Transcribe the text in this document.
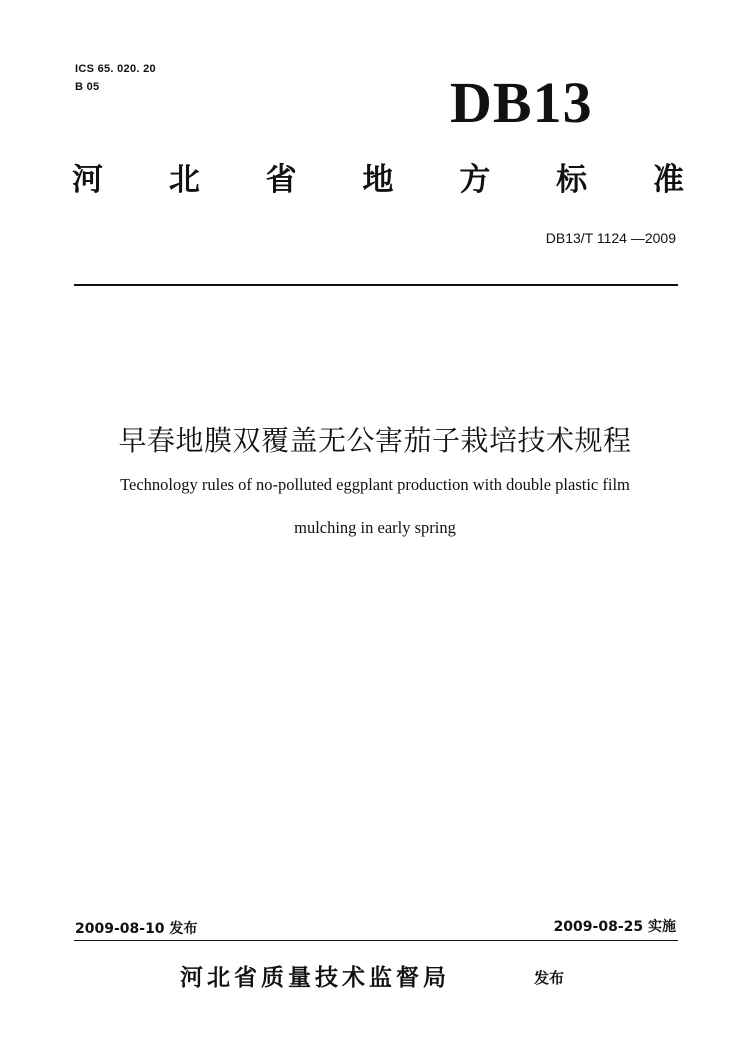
ICS 65. 020. 20
B 05	DB13
河 北 省 地 方 标 准
DB13/T 1124 —2009
早春地膜双覆盖无公害茄子栽培技术规程
Technology rules of no-polluted eggplant production with double plastic film
mulching in early spring
2009-08-10 发布	2009-08-25 实施
河北省质量技术监督局	发布
